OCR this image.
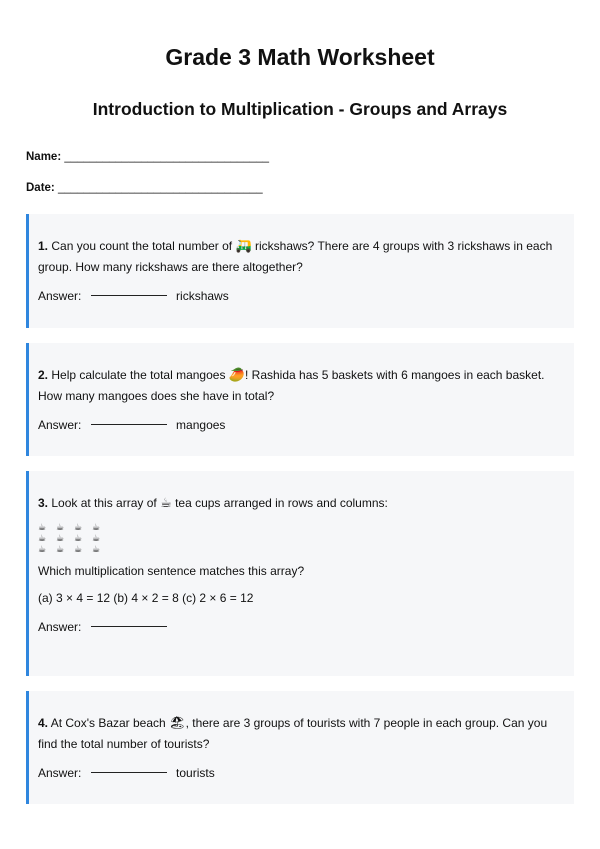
Grade 3 Math Worksheet
Introduction to Multiplication - Groups and Arrays
Name: ________________________________
Date: ________________________________

1. Can you count the total number of 🛺 rickshaws? There are 4 groups with 3 rickshaws in each group. How many rickshaws are there altogether?

Answer:	rickshaws

2. Help calculate the total mangoes 🥭! Rashida has 5 baskets with 6 mangoes in each basket. How many mangoes does she have in total?

Answer:	mangoes

3. Look at this array of ☕ tea cups arranged in rows and columns:

☕ ☕ ☕ ☕
☕ ☕ ☕ ☕
☕ ☕ ☕ ☕

Which multiplication sentence matches this array?

(a) 3 × 4 = 12 (b) 4 × 2 = 8 (c) 2 × 6 = 12

Answer:

4. At Cox's Bazar beach 🏖, there are 3 groups of tourists with 7 people in each group. Can you find the total number of tourists?

Answer:	tourists
